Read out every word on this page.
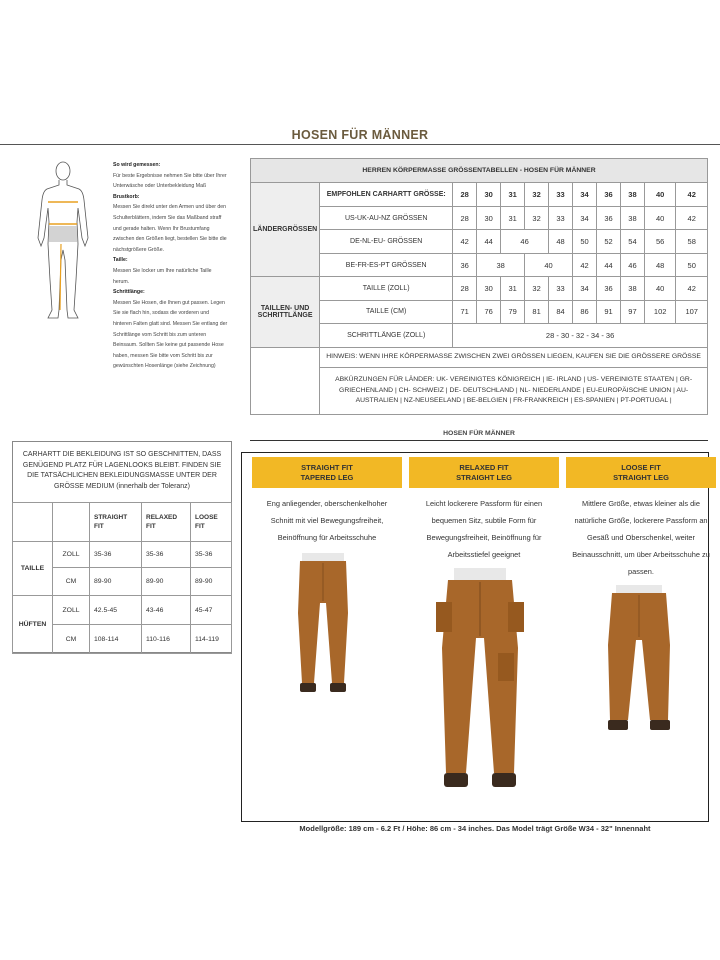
HOSEN FÜR MÄNNER
So wird gemessen:
Für beste Ergebnisse nehmen Sie bitte über Ihrer Unterwäsche oder Unterbekleidung Maß
Brustkorb:
Messen Sie direkt unter den Armen und über den Schulterblättern, indem Sie das Maßband straff und gerade halten. Wenn Ihr Brustumfang zwischen den Größen liegt, bestellen Sie bitte die nächstgrößere Größe.
Taille:
Messen Sie locker um Ihre natürliche Taille herum.
Schrittlänge:
Messen Sie Hosen, die Ihnen gut passen. Legen Sie sie flach hin, sodass die vorderen und hinteren Falten glatt sind. Messen Sie entlang der Schrittlänge vom Schritt bis zum unteren Beinsaum. Sollten Sie keine gut passende Hose haben, messen Sie bitte vom Schritt bis zur gewünschten Hosenlänge (siehe Zeichnung)
HERREN KÖRPERMASSE GRÖSSENTABELLEN - HOSEN FÜR MÄNNER											
LÄNDERGRÖSSEN	EMPFOHLEN CARHARTT GRÖSSE:	28	30	31	32	33	34	36	38	40	42
	US-UK-AU-NZ GRÖSSEN	28	30	31	32	33	34	36	38	40	42
	DE-NL-EU- GRÖSSEN	42	44	46		48	50	52	54	56	58
	BE-FR-ES-PT GRÖSSEN	36	38		40		42	44	46	48	50
TAILLEN- UND SCHRITTLÄNGE	TAILLE (ZOLL)	28	30	31	32	33	34	36	38	40	42
	TAILLE (CM)	71	76	79	81	84	86	91	97	102	107
	SCHRITTLÄNGE (ZOLL)	28 - 30 - 32 - 34 - 36									
	HINWEIS: WENN IHRE KÖRPERMASSE ZWISCHEN ZWEI GRÖSSEN LIEGEN, KAUFEN SIE DIE GRÖSSERE GRÖSSE										
	ABKÜRZUNGEN FÜR LÄNDER: UK- VEREINIGTES KÖNIGREICH | IE- IRLAND | US- VEREINIGTE STAATEN | GR- GRIECHENLAND | CH- SCHWEIZ | DE- DEUTSCHLAND | NL- NIEDERLANDE | EU-EUROPÄISCHE UNION | AU-AUSTRALIEN | NZ-NEUSEELAND | BE-BELGIEN | FR-FRANKREICH | ES-SPANIEN | PT-PORTUGAL |										
HOSEN FÜR MÄNNER
CARHARTT DIE BEKLEIDUNG IST SO GESCHNITTEN, DASS GENÜGEND PLATZ FÜR LAGENLOOKS BLEIBT. FINDEN SIE DIE TATSÄCHLICHEN BEKLEIDUNGSMASSE UNTER DER GRÖSSE MEDIUM (innerhalb der Toleranz)
		STRAIGHT FIT	RELAXED FIT	LOOSE FIT
TAILLE	ZOLL	35-36	35-36	35-36
	CM	89-90	89-90	89-90
HÜFTEN	ZOLL	42.5-45	43-46	45-47
	CM	108-114	110-116	114-119
STRAIGHT FIT
TAPERED LEG
Eng anliegender, oberschenkelhoher Schnitt mit viel Bewegungsfreiheit, Beinöffnung für Arbeitsschuhe
RELAXED FIT
STRAIGHT LEG
Leicht lockerere Passform für einen bequemen Sitz, subtile Form für Bewegungsfreiheit, Beinöffnung für Arbeitsstiefel geeignet
LOOSE FIT
STRAIGHT LEG
Mittlere Größe, etwas kleiner als die natürliche Größe, lockerere Passform an Gesäß und Oberschenkel, weiter Beinausschnitt, um über Arbeitsschuhe zu passen.
Modellgröße: 189 cm - 6.2 Ft / Höhe: 86 cm - 34 inches. Das Model trägt Größe W34 - 32" Innennaht
